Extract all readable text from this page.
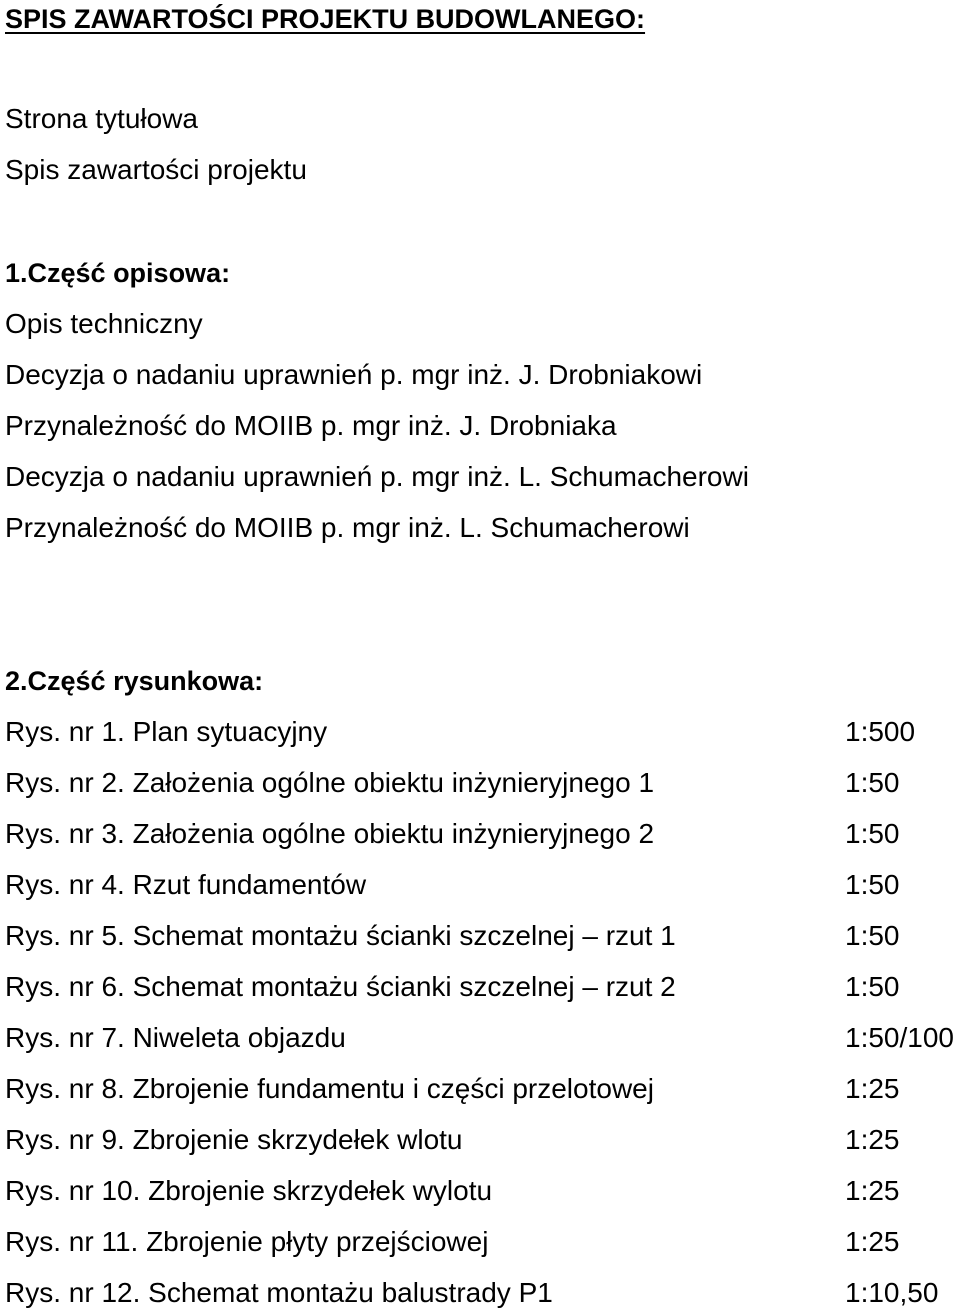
SPIS ZAWARTOŚCI PROJEKTU BUDOWLANEGO:
Strona tytułowa
Spis zawartości projektu
1.Część opisowa:
Opis techniczny
Decyzja o nadaniu uprawnień p. mgr inż. J. Drobniakowi
Przynależność do MOIIB p. mgr inż. J. Drobniaka
Decyzja o nadaniu uprawnień p. mgr inż. L. Schumacherowi
Przynależność do MOIIB p. mgr inż. L. Schumacherowi
2.Część rysunkowa:
Rys. nr 1. Plan sytuacyjny	1:500
Rys. nr 2. Założenia ogólne obiektu inżynieryjnego 1	1:50
Rys. nr 3. Założenia ogólne obiektu inżynieryjnego 2	1:50
Rys. nr 4. Rzut fundamentów	1:50
Rys. nr 5. Schemat montażu ścianki szczelnej – rzut 1	1:50
Rys. nr 6. Schemat montażu ścianki szczelnej – rzut 2	1:50
Rys. nr 7. Niweleta objazdu	1:50/100
Rys. nr 8. Zbrojenie fundamentu i części przelotowej	1:25
Rys. nr 9. Zbrojenie skrzydełek wlotu	1:25
Rys. nr 10. Zbrojenie skrzydełek wylotu	1:25
Rys. nr 11. Zbrojenie płyty przejściowej	1:25
Rys. nr 12. Schemat montażu balustrady P1	1:10,50
